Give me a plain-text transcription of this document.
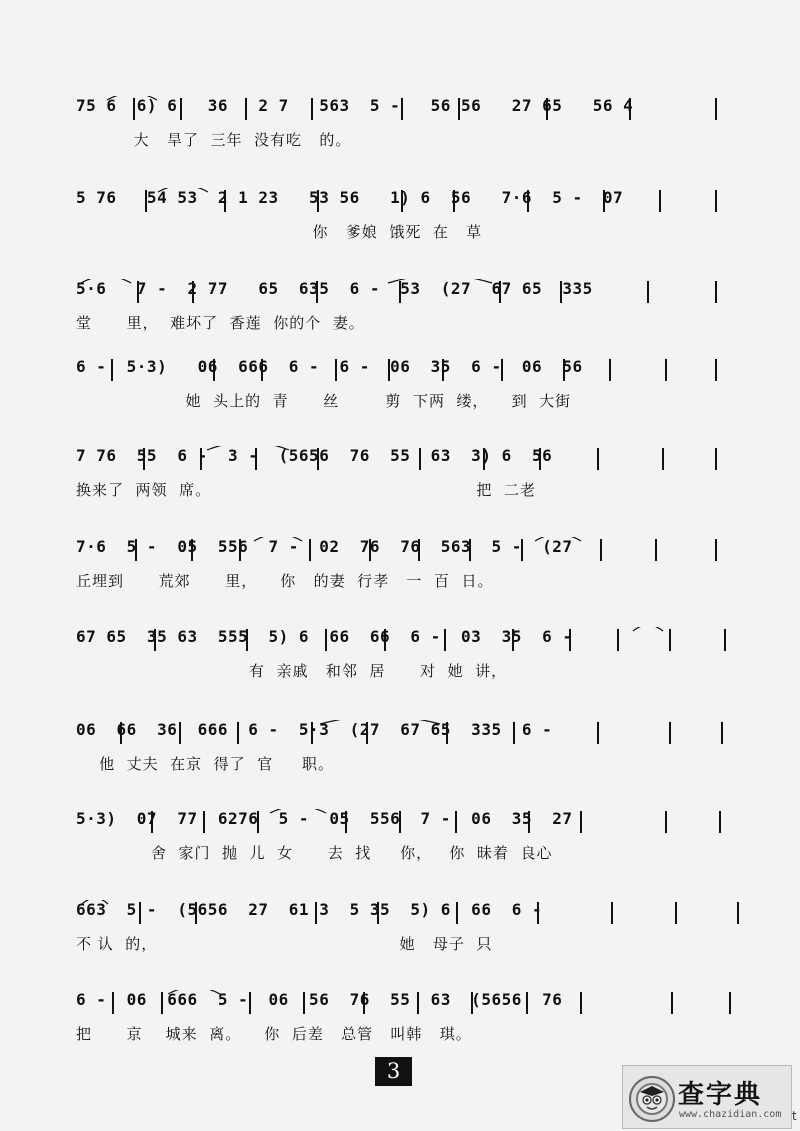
75 6  6) 6   36   2 7   563  5 -   56 56   27 65   56 4
大   旱了  三年  没有吃   的。
5 76   54 53  2 1 23   53 56   1) 6  56   7·6  5 -  07
你   爹娘  饿死  在   草
5·6   7 -  2 77   65  635  6 -  53  (27  67 65  335
堂      里，  难坏了  香莲  你的个  妻。
6 -  5·3)   06  666  6 -  6 -  06  35  6 -  06  56
她  头上的  青      丝        剪  下两  缕，    到  大街
7 76  55  6 -  3 -  (5656  76  55  63  3) 6  56
换来了  两领  席。                                              把  二老
7·6  5 -  05  556  7 -  02  76  76  563  5 -  (27
丘埋到      荒郊      里，    你   的妻  行孝   一  百  日。
67 65  35 63  555  5) 6  66  66  6 -  03  35  6 -
有  亲戚   和邻  居      对  她  讲，
06  66  36  666  6 -  5·3  (27  67 65  335  6 -
他  丈夫  在京  得了  官     职。
5·3)  07  77  6276  5 -  05  556  7 -  06  35  27
舍  家门  抛  儿  女      去  找     你，   你  昧着  良心
663  5 -  (5656  27  61 3  5 35  5) 6  66  6 -
不 认  的，                                          她   母子  只
6 -  06  666  5 -  06  56  76  55  63  (5656  76
把      京    城来  离。    你  后差   总管   叫韩   琪。
3
查字典
www.chazidian.com t
